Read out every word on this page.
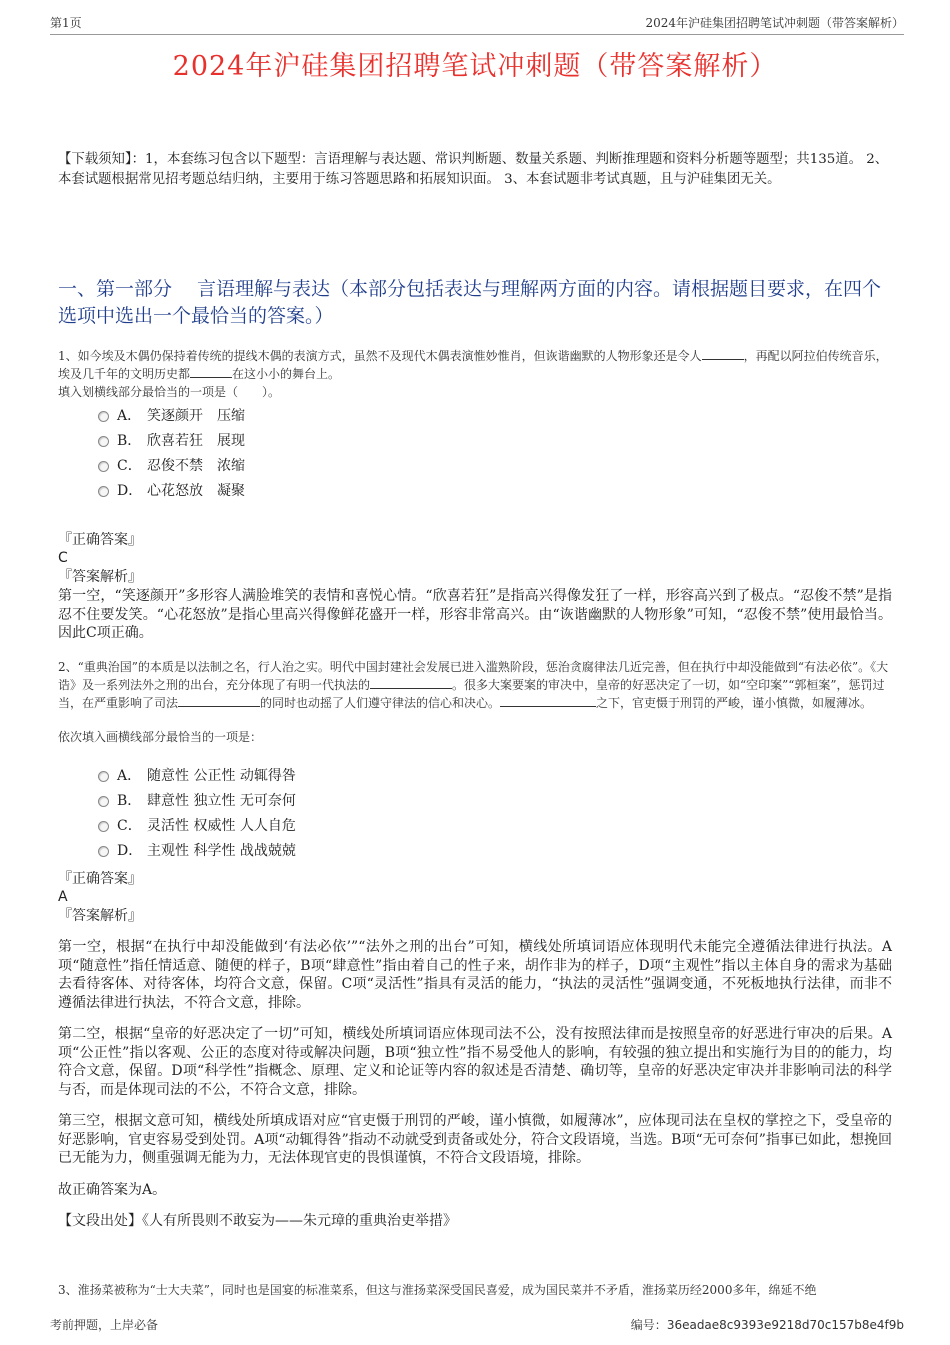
第1页	2024年沪硅集团招聘笔试冲刺题（带答案解析）
2024年沪硅集团招聘笔试冲刺题（带答案解析）
【下载须知】：1，本套练习包含以下题型：言语理解与表达题、常识判断题、数量关系题、判断推理题和资料分析题等题型；共135道。 2、本套试题根据常见招考题总结归纳，主要用于练习答题思路和拓展知识面。 3、本套试题非考试真题，且与沪硅集团无关。
一、第一部分　 言语理解与表达（本部分包括表达与理解两方面的内容。请根据题目要求，在四个选项中选出一个最恰当的答案。）
1、如今埃及木偶仍保持着传统的提线木偶的表演方式，虽然不及现代木偶表演惟妙惟肖，但诙谐幽默的人物形象还是令人	，再配以阿拉伯传统音乐，埃及几千年的文明历史都	在这小小的舞台上。
填入划横线部分最恰当的一项是（　　）。
A． 笑逐颜开　压缩
B． 欣喜若狂　展现
C． 忍俊不禁　浓缩
D． 心花怒放　凝聚
『正确答案』
C
『答案解析』
第一空，“笑逐颜开”多形容人满脸堆笑的表情和喜悦心情。“欣喜若狂”是指高兴得像发狂了一样，形容高兴到了极点。“忍俊不禁”是指忍不住要发笑。“心花怒放”是指心里高兴得像鲜花盛开一样，形容非常高兴。由“诙谐幽默的人物形象”可知，“忍俊不禁”使用最恰当。因此C项正确。
2、“重典治国”的本质是以法制之名，行人治之实。明代中国封建社会发展已进入滥熟阶段，惩治贪腐律法几近完善，但在执行中却没能做到“有法必依”。《大诰》及一系列法外之刑的出台，充分体现了有明一代执法的	。很多大案要案的审决中，皇帝的好恶决定了一切，如“空印案”“郭桓案”，惩罚过当，在严重影响了司法	的同时也动摇了人们遵守律法的信心和决心。	之下，官吏慑于刑罚的严峻，谨小慎微，如履薄冰。
依次填入画横线部分最恰当的一项是：
A． 随意性 公正性 动辄得咎
B． 肆意性 独立性 无可奈何
C． 灵活性 权威性 人人自危
D． 主观性 科学性 战战兢兢
『正确答案』
A
『答案解析』
第一空，根据“在执行中却没能做到‘有法必依’”“法外之刑的出台”可知，横线处所填词语应体现明代未能完全遵循法律进行执法。A项“随意性”指任情适意、随便的样子，B项“肆意性”指由着自己的性子来，胡作非为的样子，D项“主观性”指以主体自身的需求为基础去看待客体、对待客体，均符合文意，保留。C项“灵活性”指具有灵活的能力，“执法的灵活性”强调变通，不死板地执行法律，而非不遵循法律进行执法，不符合文意，排除。
第二空，根据“皇帝的好恶决定了一切”可知，横线处所填词语应体现司法不公，没有按照法律而是按照皇帝的好恶进行审决的后果。A项“公正性”指以客观、公正的态度对待或解决问题，B项“独立性”指不易受他人的影响，有较强的独立提出和实施行为目的的能力，均符合文意，保留。D项“科学性”指概念、原理、定义和论证等内容的叙述是否清楚、确切等，皇帝的好恶决定审决并非影响司法的科学与否，而是体现司法的不公，不符合文意，排除。
第三空，根据文意可知，横线处所填成语对应“官吏慑于刑罚的严峻，谨小慎微，如履薄冰”，应体现司法在皇权的掌控之下，受皇帝的好恶影响，官吏容易受到处罚。A项“动辄得咎”指动不动就受到责备或处分，符合文段语境，当选。B项“无可奈何”指事已如此，想挽回已无能为力，侧重强调无能为力，无法体现官吏的畏惧谨慎，不符合文段语境，排除。
故正确答案为A。
【文段出处】《人有所畏则不敢妄为——朱元璋的重典治吏举措》
3、淮扬菜被称为“士大夫菜”，同时也是国宴的标准菜系，但这与淮扬菜深受国民喜爱，成为国民菜并不矛盾，淮扬菜历经2000多年，绵延不绝
考前押题，上岸必备	编号：36eadae8c9393e9218d70c157b8e4f9b
